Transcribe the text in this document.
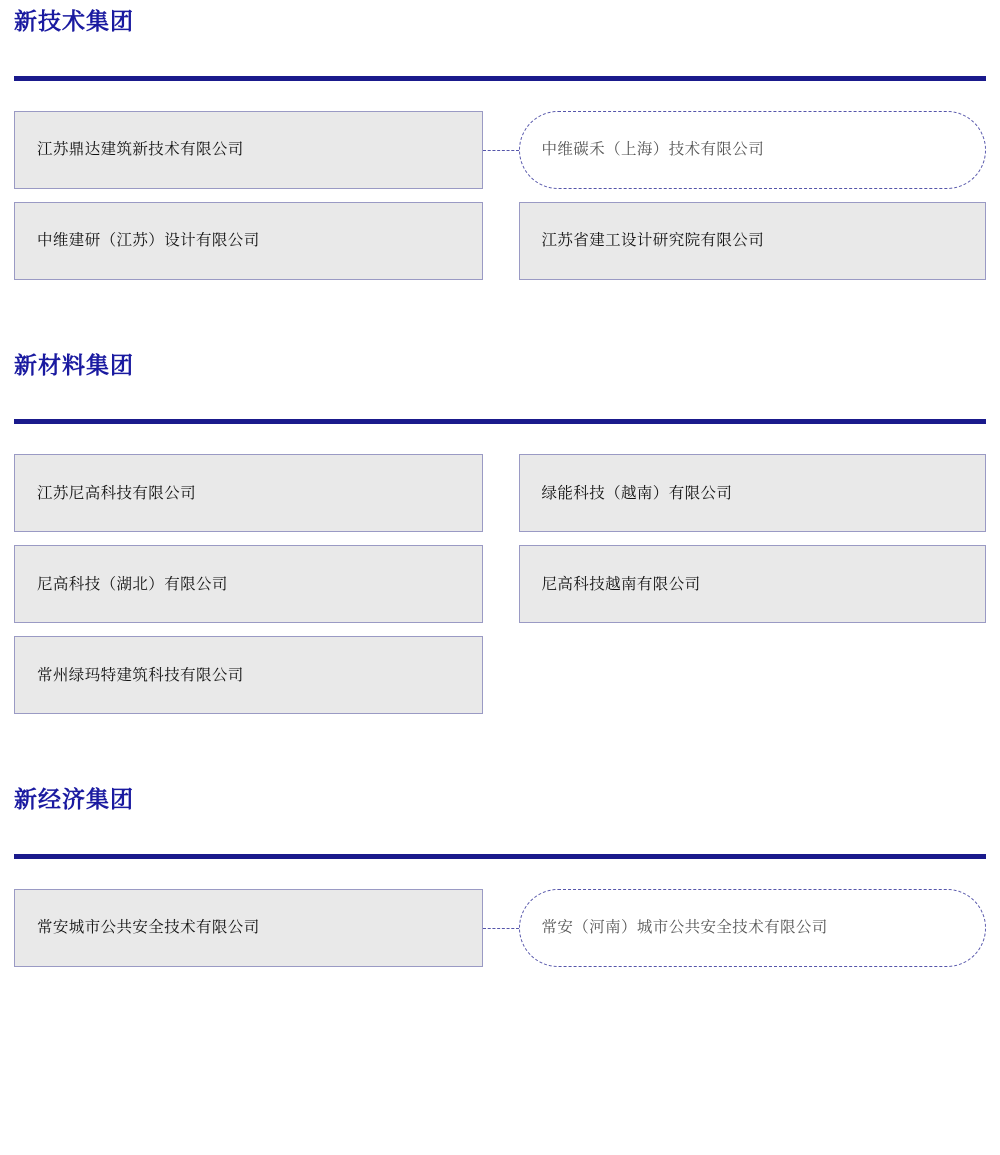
新技术集团
江苏鼎达建筑新技术有限公司	中维碳禾（上海）技术有限公司
中维建研（江苏）设计有限公司	江苏省建工设计研究院有限公司
新材料集团
江苏尼高科技有限公司	绿能科技（越南）有限公司
尼高科技（湖北）有限公司	尼高科技越南有限公司
常州绿玛特建筑科技有限公司
新经济集团
常安城市公共安全技术有限公司	常安（河南）城市公共安全技术有限公司
